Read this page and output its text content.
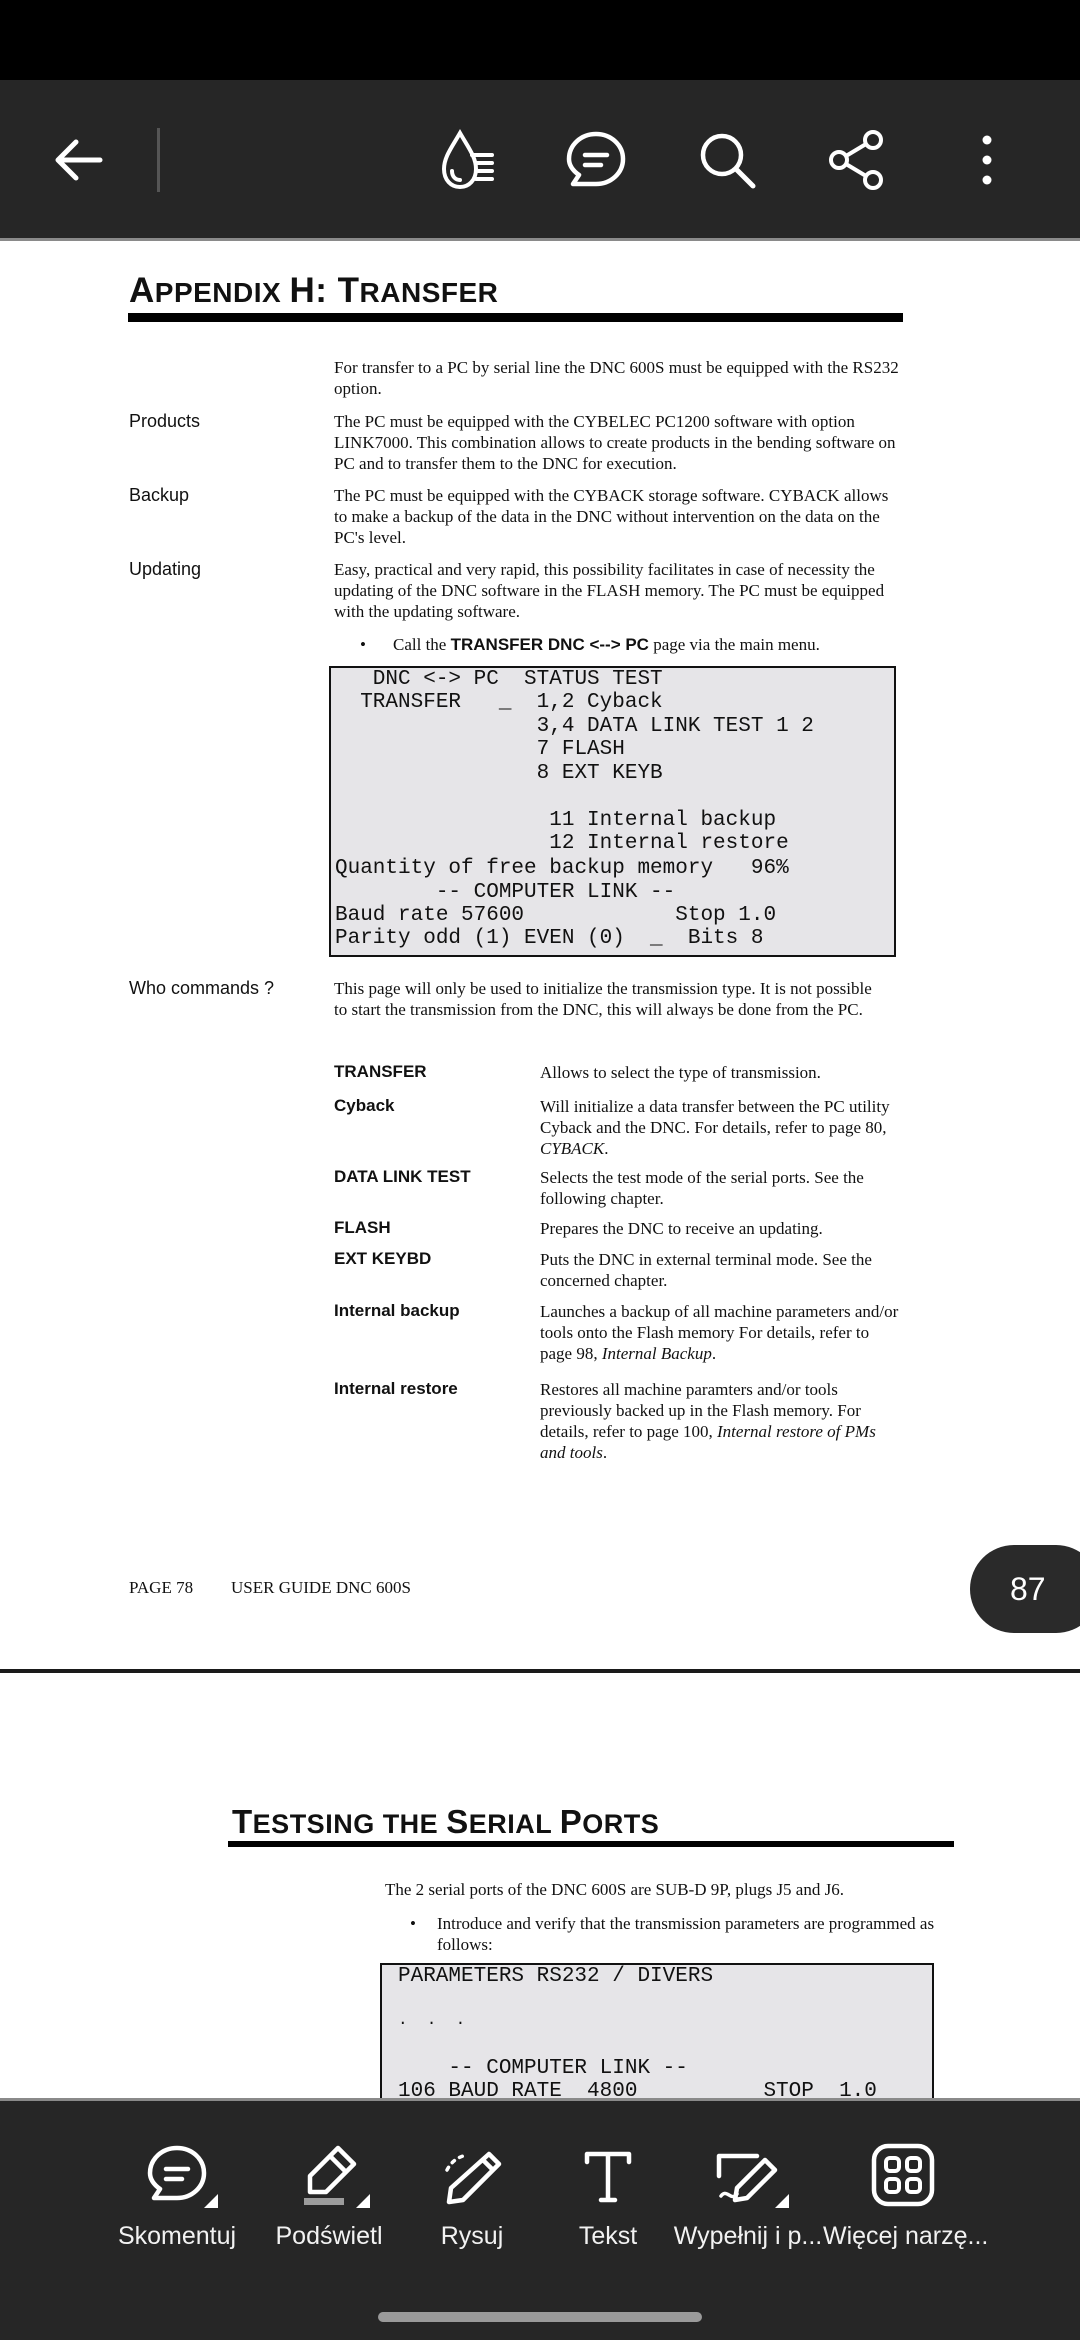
APPENDIX H: TRANSFER
For transfer to a PC by serial line the DNC 600S must be equipped with the RS232 option.
Products	The PC must be equipped with the CYBELEC PC1200 software with option LINK7000. This combination allows to create products in the bending software on PC and to transfer them to the DNC for execution.
Backup	The PC must be equipped with the CYBACK storage software. CYBACK allows to make a backup of the data in the DNC without intervention on the data on the PC's level.
Updating	Easy, practical and very rapid, this possibility facilitates in case of necessity the updating of the DNC software in the FLASH memory. The PC must be equipped with the updating software.
• Call the TRANSFER DNC <--> PC page via the main menu.
DNC <-> PC  STATUS TEST
TRANSFER   _  1,2 Cyback
3,4 DATA LINK TEST 1 2
7 FLASH
8 EXT KEYB
11 Internal backup
12 Internal restore
Quantity of free backup memory   96%
-- COMPUTER LINK --
Baud rate 57600            Stop 1.0
Parity odd (1) EVEN (0)  _  Bits 8
Who commands ?	This page will only be used to initialize the transmission type. It is not possible to start the transmission from the DNC, this will always be done from the PC.
TRANSFER	Allows to select the type of transmission.
Cyback	Will initialize a data transfer between the PC utility Cyback and the DNC. For details, refer to page 80, CYBACK.
DATA LINK TEST	Selects the test mode of the serial ports. See the following chapter.
FLASH	Prepares the DNC to receive an updating.
EXT KEYBD	Puts the DNC in external terminal mode. See the concerned chapter.
Internal backup	Launches a backup of all machine parameters and/or tools onto the Flash memory For details, refer to page 98, Internal Backup.
Internal restore	Restores all machine paramters and/or tools previously backed up in the Flash memory. For details, refer to page 100, Internal restore of PMs and tools.
PAGE 78 USER GUIDE DNC 600S	87
TESTSING THE SERIAL PORTS
The 2 serial ports of the DNC 600S are SUB-D 9P, plugs J5 and J6.
• Introduce and verify that the transmission parameters are programmed as follows:
PARAMETERS RS232 / DIVERS
.  .  .
-- COMPUTER LINK --
106 BAUD RATE  4800          STOP  1.0
Skomentuj	Podświetl	Rysuj	Tekst	Wypełnij i p... Więcej narzę...
